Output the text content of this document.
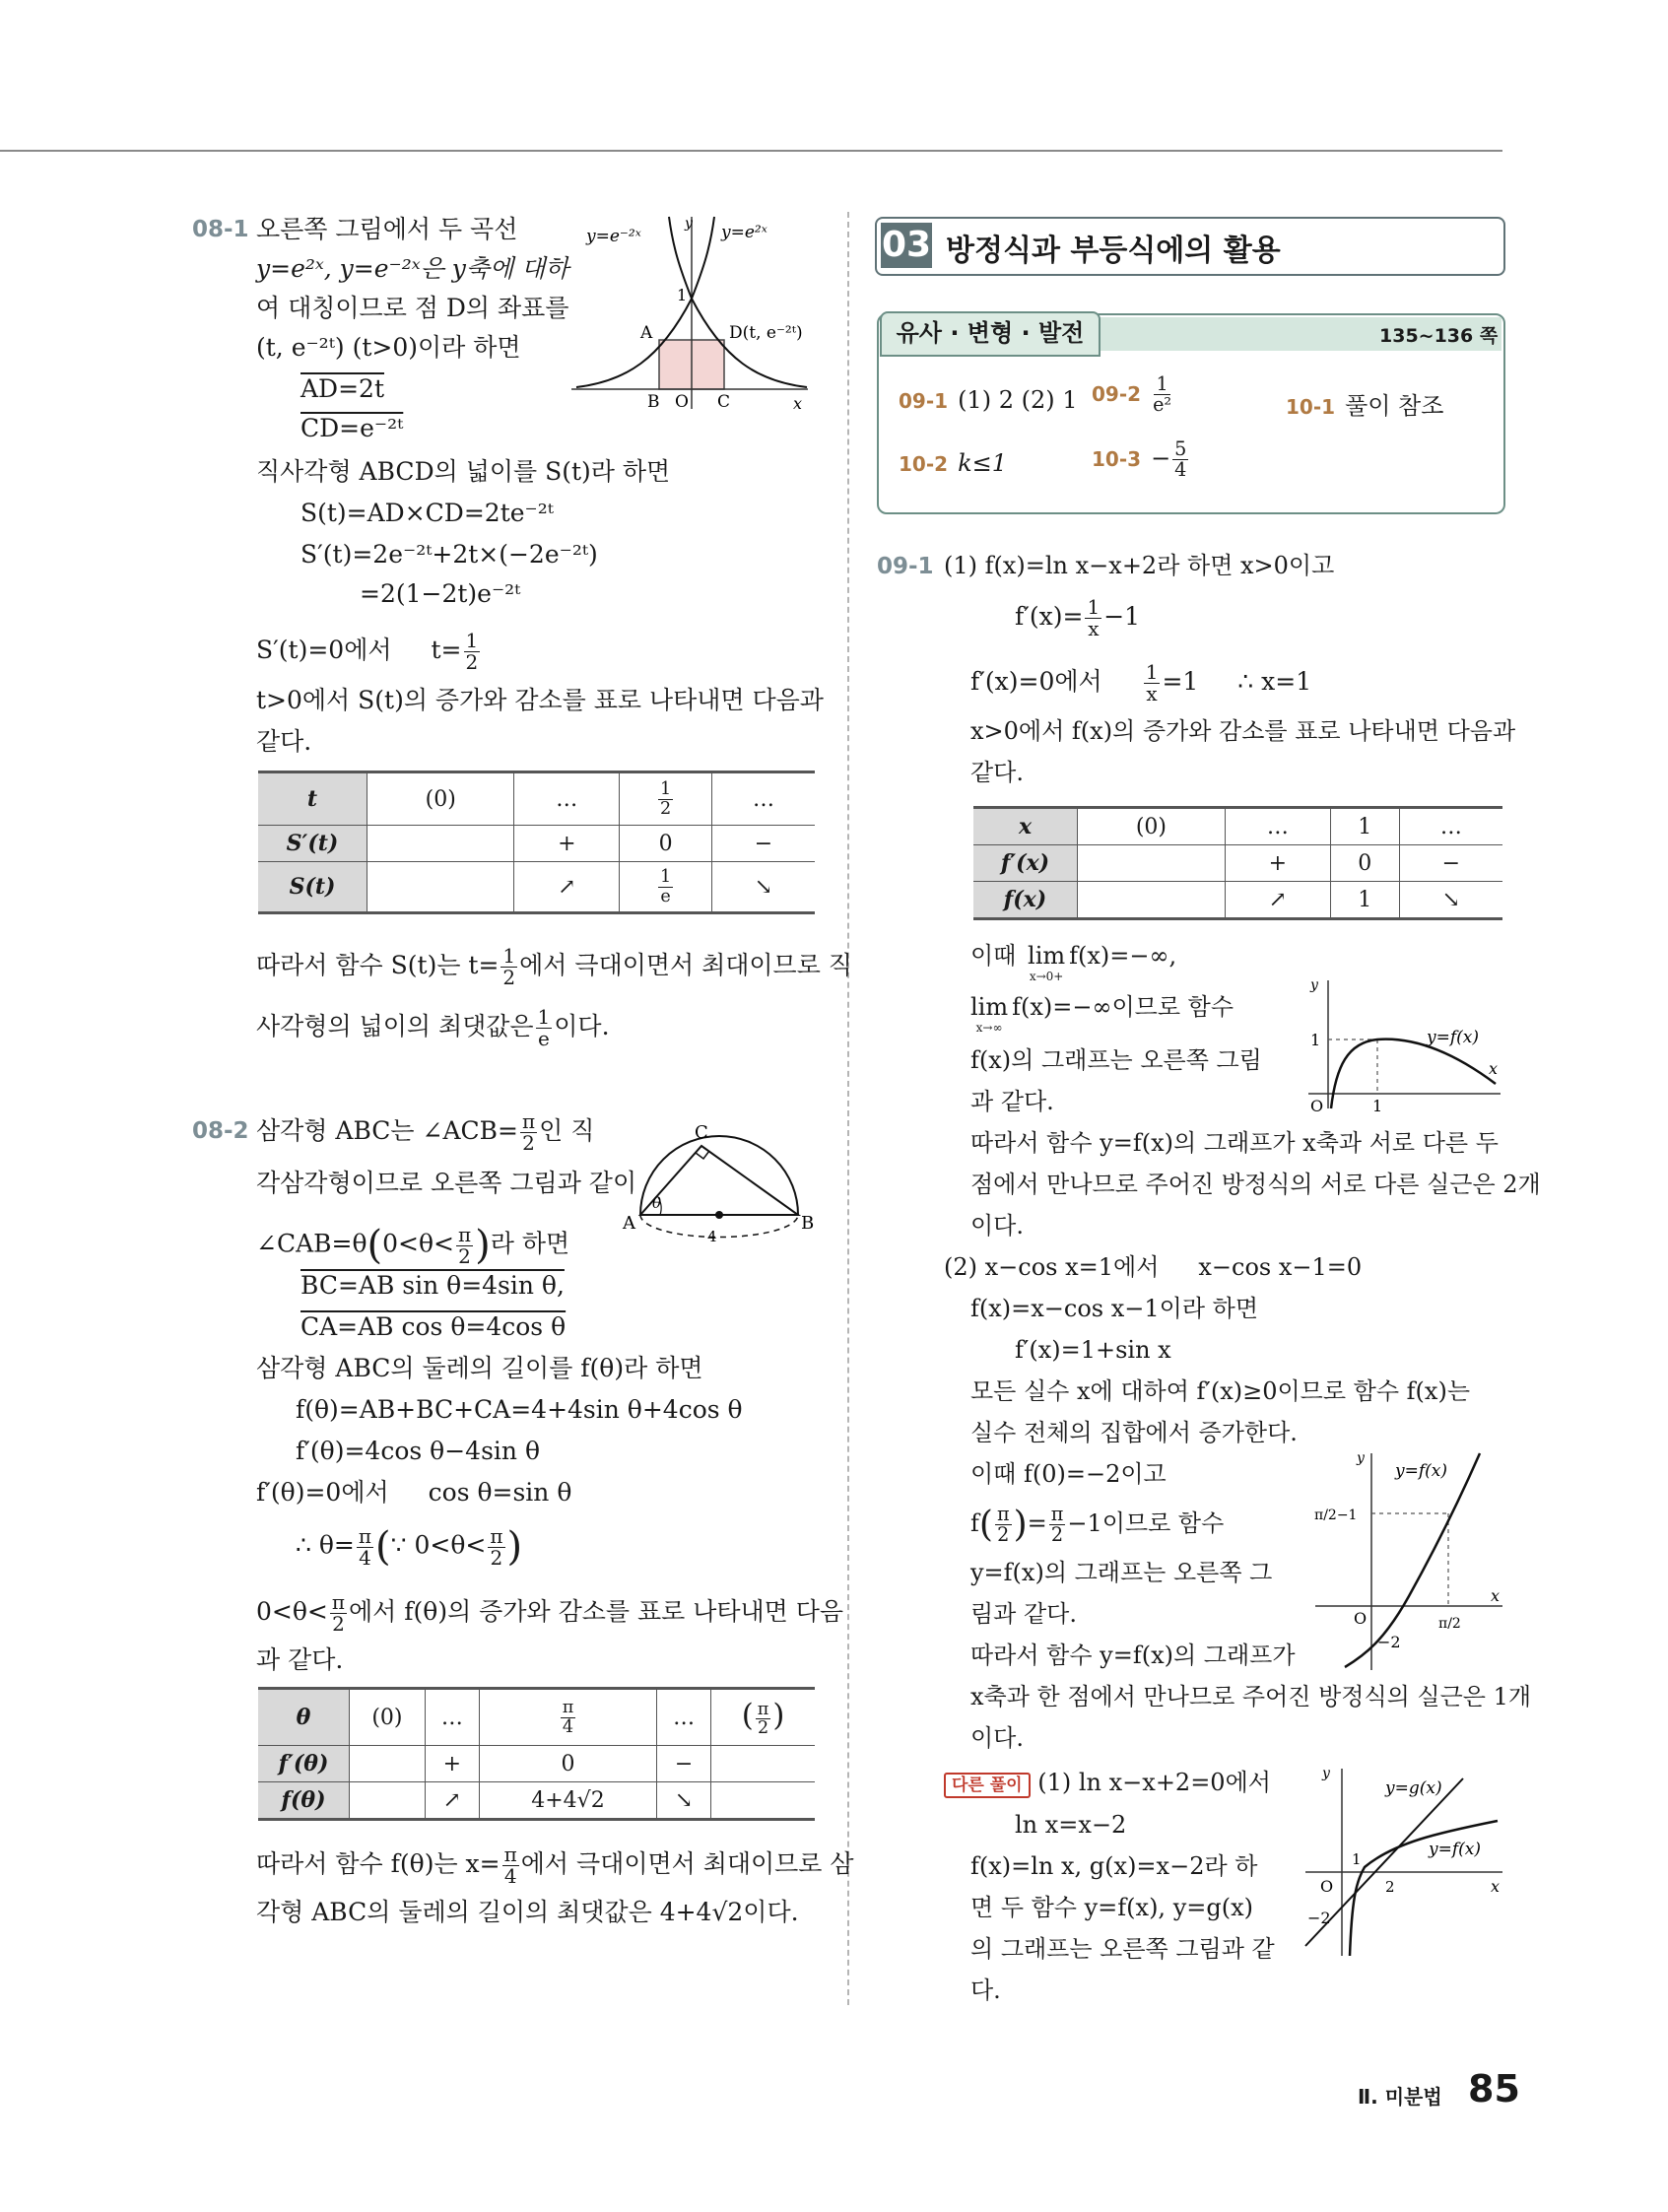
08-1 오른쪽 그림에서 두 곡선
y=e²ˣ, y=e⁻²ˣ은 y축에 대하
여 대칭이므로 점 D의 좌표를
(t, e⁻²ᵗ) (t>0)이라 하면
AD=2t
CD=e⁻²ᵗ
직사각형 ABCD의 넓이를 S(t)라 하면
S(t)=AD×CD=2te⁻²ᵗ
S′(t)=2e⁻²ᵗ+2t×(−2e⁻²ᵗ)
=2(1−2t)e⁻²ᵗ
S′(t)=0에서 $t= \frac{1}{2}$
t>0에서 S(t)의 증가와 감소를 표로 나타내면 다음과
같다.
y=e⁻²ˣ	y=e²ˣ
y
x
1
A
B O C
D(t, e⁻²ᵗ)
t	(0)	…	$\frac{1}{2}$	…
S′(t)		+	0	−
S(t)		↗	$\frac{1}{e}$	↘
따라서 함수 S(t)는 $t= \frac{1}{2}$ 에서 극대이면서 최대이므로 직
사각형의 넓이의 최댓값은 $\frac{1}{e}$ 이다.
08-2 삼각형 ABC는 ∠ACB= $\frac{\pi}{2}$ 인 직
각삼각형이므로 오른쪽 그림과 같이
∠CAB=θ(0<θ< $\frac{\pi}{2}$ )라 하면
BC=AB sin θ=4sin θ,
CA=AB cos θ=4cos θ
삼각형 ABC의 둘레의 길이를 f(θ)라 하면
f(θ)=AB+BC+CA=4+4sin θ+4cos θ
f′(θ)=4cos θ−4sin θ
f′(θ)=0에서 cos θ=sin θ
∴ $\theta= \frac{\pi}{4}$ (∵ $0<\theta< \frac{\pi}{2}$ )
$0<\theta< \frac{\pi}{2}$ 에서 f(θ)의 증가와 감소를 표로 나타내면 다음
과 같다.
A	B
C
θ
4
θ	(0)	…	$\frac{\pi}{4}$	…	( $\frac{\pi}{2}$ )
f′(θ)		+	0	−	
f(θ)		↗	4+4√2	↘	
따라서 함수 f(θ)는 $x= \frac{\pi}{4}$ 에서 극대이면서 최대이므로 삼
각형 ABC의 둘레의 길이의 최댓값은 4+4√2이다.
03 방정식과 부등식에의 활용
유사 · 변형 · 발전	135~136 쪽
09-1 (1) 2 (2) 1 $09-2 \frac{1}{\text{e²}}$	10-1 풀이 참조
10-2 k≤1	$10-3 - \frac{5}{4}$
09-1 (1) f(x)=ln x−x+2라 하면 x>0이고
$f'(x)= \frac{1}{x} -1$
f′(x)=0에서 $\frac{1}{x} =1$ ∴ x=1
x>0에서 f(x)의 증가와 감소를 표로 나타내면 다음과
같다.
x	(0)	…	1	…
f′(x)		+	0	−
f(x)		↗	1	↘
이때 lim
x→0+
f(x)=−∞,
lim
x→∞
f(x)=−∞이므로 함수
f(x)의 그래프는 오른쪽 그림
과 같다.
y
x
1
1
O
y=f(x)
따라서 함수 y=f(x)의 그래프가 x축과 서로 다른 두
점에서 만나므로 주어진 방정식의 서로 다른 실근은 2개
이다.
(2) x−cos x=1에서 x−cos x−1=0
f(x)=x−cos x−1이라 하면
f′(x)=1+sin x
모든 실수 x에 대하여 f′(x)≥0이므로 함수 f(x)는
실수 전체의 집합에서 증가한다.
이때 f(0)=−2이고
$f( \frac{\pi}{2}$ )= $\frac{\pi}{2} -1$이므로 함수
y=f(x)의 그래프는 오른쪽 그
림과 같다.
따라서 함수 y=f(x)의 그래프가
y
x
y=f(x)
π/2−1
O
−2
π/2
x축과 한 점에서 만나므로 주어진 방정식의 실근은 1개
이다.
다른 풀이 (1) ln x−x+2=0에서
ln x=x−2
f(x)=ln x, g(x)=x−2라 하
면 두 함수 y=f(x), y=g(x)
의 그래프는 오른쪽 그림과 같
다.
y
x
y=g(x)
y=f(x)
1
2
O
−2
Ⅱ. 미분법 85
